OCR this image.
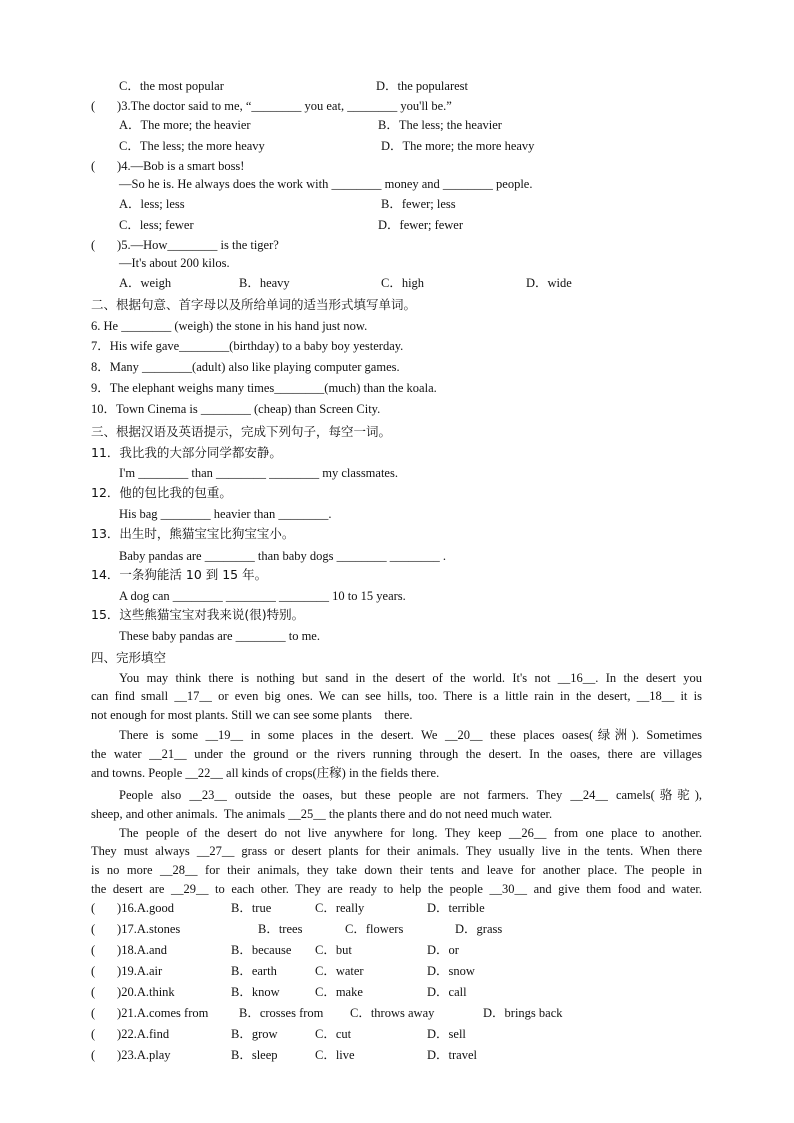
C．the most popular	D．the popularest
(       )3.The doctor said to me, “________ you eat, ________ you'll be.”
A．The more; the heavier	B．The less; the heavier
C．The less; the more heavy	D．The more; the more heavy
(       )4.—Bob is a smart boss!
—So he is. He always does the work with ________ money and ________ people.
A．less; less	B．fewer; less
C．less; fewer	D．fewer; fewer
(       )5.—How________ is the tiger?
—It's about 200 kilos.
A．weigh	B．heavy	C．high	D．wide
二、根据句意、首字母以及所给单词的适当形式填写单词。
6. He ________ (weigh) the stone in his hand just now.
7．His wife gave________(birthday) to a baby boy yesterday.
8．Many ________(adult) also like playing computer games.
9．The elephant weighs many times________(much) than the koala.
10．Town Cinema is ________ (cheap) than Screen City.
三、根据汉语及英语提示，完成下列句子，每空一词。
11．我比我的大部分同学都安静。
I'm ________ than ________ ________ my classmates.
12．他的包比我的包重。
His bag ________ heavier than ________.
13．出生时，熊猫宝宝比狗宝宝小。
Baby pandas are ________ than baby dogs ________ ________ .
14．一条狗能活 10 到 15 年。
A dog can ________ ________ ________ 10 to 15 years.
15．这些熊猫宝宝对我来说(很)特别。
These baby pandas are ________ to me.
四、完形填空
You may think there is nothing but sand in the desert of the world. It's not __16__. In the desert you
can find small __17__ or even big ones. We can see hills, too. There is a little rain in the desert, __18__ it is
not enough for most plants. Still we can see some plants    there.
There is some __19__ in some places in the desert. We __20__ these places oases(绿洲). Sometimes
the water __21__ under the ground or the rivers running through the desert. In the oases, there are villages
and towns. People __22__ all kinds of crops(庄稼) in the fields there.
People also __23__ outside the oases, but these people are not farmers. They __24__ camels(骆驼),
sheep, and other animals.  The animals __25__ the plants there and do not need much water.
The people of the desert do not live anywhere for long. They keep __26__ from one place to another.
They must always __27__ grass or desert plants for their animals. They usually live in the tents. When there
is no more __28__ for their animals, they take down their tents and leave for another place. The people in
the desert are __29__ to each other. They are ready to help the people __30__ and give them food and water.
(       )16.A.good	B．true	C．really	D．terrible
(       )17.A.stones	B．trees	C．flowers	D．grass
(       )18.A.and	B．because C．but	D．or
(       )19.A.air	B．earth	C．water	D．snow
(       )20.A.think	B．know	C．make	D．call
(       )21.A.comes from B．crosses from C．throws away	D．brings back
(       )22.A.find	B．grow	C．cut	D．sell
(       )23.A.play	B．sleep	C．live	D．travel
